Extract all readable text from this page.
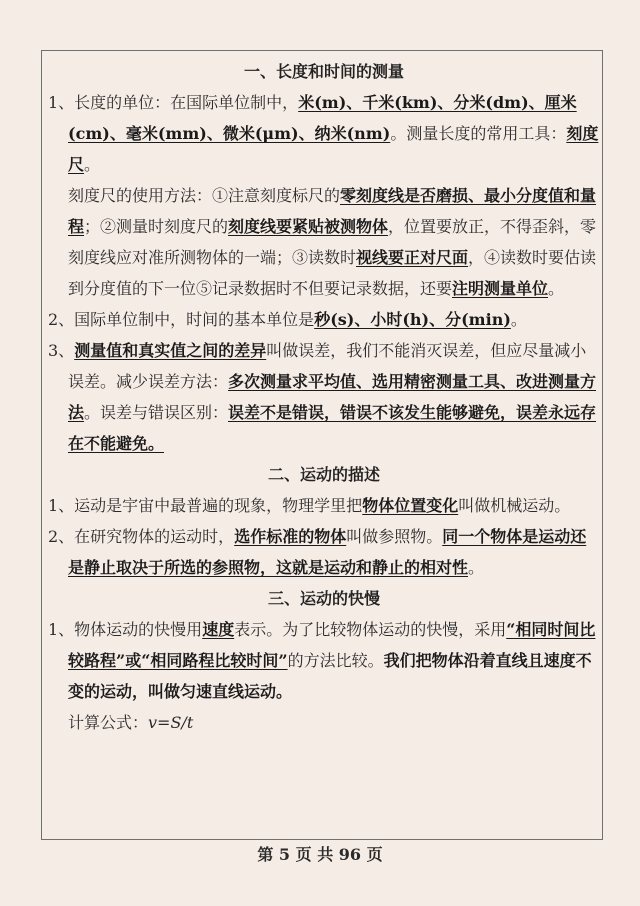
一、长度和时间的测量

1、长度的单位：在国际单位制中，米(m)、千米(km)、分米(dm)、厘米(cm)、毫米(mm)、微米(μm)、纳米(nm)。测量长度的常用工具：刻度尺。

刻度尺的使用方法：①注意刻度标尺的零刻度线是否磨损、最小分度值和量程；②测量时刻度尺的刻度线要紧贴被测物体，位置要放正，不得歪斜，零刻度线应对准所测物体的一端；③读数时视线要正对尺面，④读数时要估读到分度值的下一位⑤记录数据时不但要记录数据，还要注明测量单位。

2、国际单位制中，时间的基本单位是秒(s)、小时(h)、分(min)。

3、测量值和真实值之间的差异叫做误差，我们不能消灭误差，但应尽量减小误差。减少误差方法：多次测量求平均值、选用精密测量工具、改进测量方法。误差与错误区别：误差不是错误，错误不该发生能够避免，误差永远存在不能避免。

二、运动的描述

1、运动是宇宙中最普遍的现象，物理学里把物体位置变化叫做机械运动。

2、在研究物体的运动时，选作标准的物体叫做参照物。同一个物体是运动还是静止取决于所选的参照物，这就是运动和静止的相对性。

三、运动的快慢

1、物体运动的快慢用速度表示。为了比较物体运动的快慢，采用“相同时间比较路程”或“相同路程比较时间”的方法比较。我们把物体沿着直线且速度不变的运动，叫做匀速直线运动。

计算公式：v=S/t

第 5 页 共 96 页
